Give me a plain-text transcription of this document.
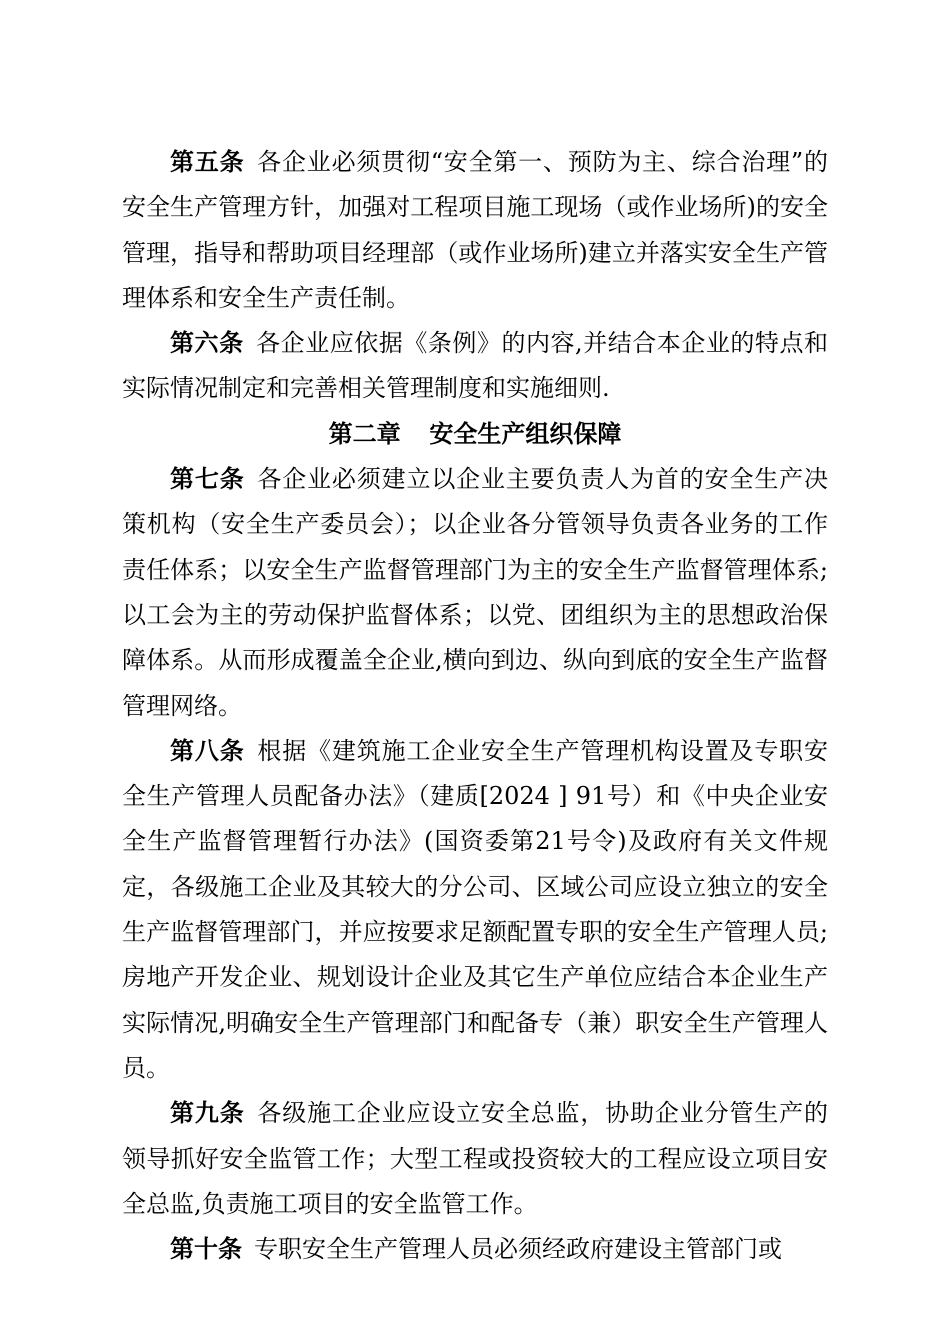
第五条 各企业必须贯彻“安全第一、预防为主、综合治理”的安全生产管理方针，加强对工程项目施工现场（或作业场所)的安全管理，指导和帮助项目经理部（或作业场所)建立并落实安全生产管理体系和安全生产责任制。

第六条 各企业应依据《条例》的内容,并结合本企业的特点和实际情况制定和完善相关管理制度和实施细则.

第二章 安全生产组织保障

第七条 各企业必须建立以企业主要负责人为首的安全生产决策机构（安全生产委员会）；以企业各分管领导负责各业务的工作责任体系；以安全生产监督管理部门为主的安全生产监督管理体系;以工会为主的劳动保护监督体系；以党、团组织为主的思想政治保障体系。从而形成覆盖全企业,横向到边、纵向到底的安全生产监督管理网络。

第八条 根据《建筑施工企业安全生产管理机构设置及专职安全生产管理人员配备办法》（建质[2024 ] 91号）和《中央企业安全生产监督管理暂行办法》(国资委第21号令)及政府有关文件规定，各级施工企业及其较大的分公司、区域公司应设立独立的安全生产监督管理部门，并应按要求足额配置专职的安全生产管理人员;房地产开发企业、规划设计企业及其它生产单位应结合本企业生产实际情况,明确安全生产管理部门和配备专（兼）职安全生产管理人员。

第九条 各级施工企业应设立安全总监，协助企业分管生产的领导抓好安全监管工作；大型工程或投资较大的工程应设立项目安全总监,负责施工项目的安全监管工作。

第十条 专职安全生产管理人员必须经政府建设主管部门或
